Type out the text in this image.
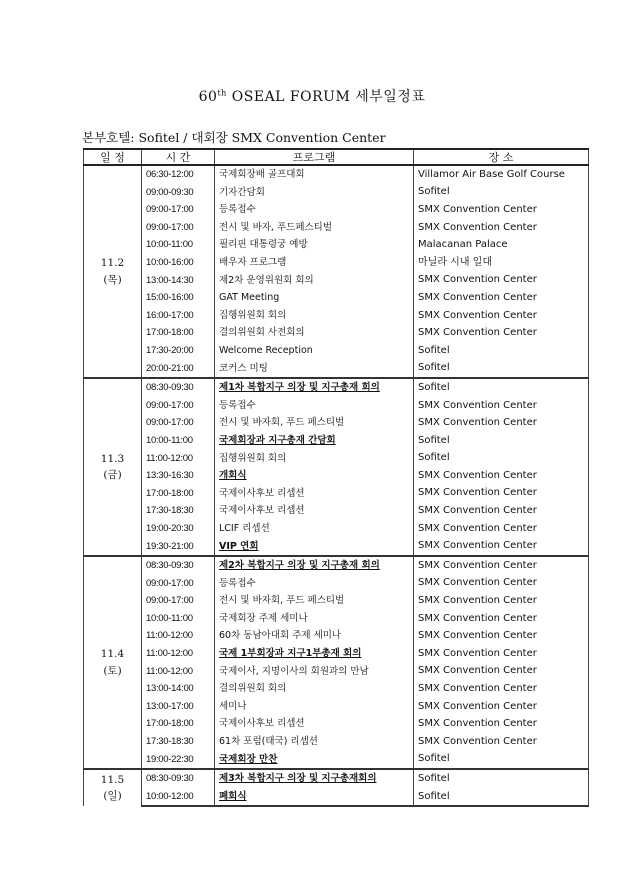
60th OSEAL FORUM 세부일정표
본부호텔: Sofitel / 대회장 SMX Convention Center
일 정	시 간	프로그램	장 소

11.2
(목)	06:30-12:00	국제회장배 골프대회	Villamor Air Base Golf Course
	09:00-09:30	기자간담회	Sofitel
	09:00-17:00	등록접수	SMX Convention Center
	09:00-17:00	전시 및 바자, 푸드페스티벌	SMX Convention Center
	10:00-11:00	필리핀 대통령궁 예방	Malacanan Palace
	10:00-16:00	배우자 프로그램	마닐라 시내 일대
	13:00-14:30	제2차 운영위원회 회의	SMX Convention Center
	15:00-16:00	GAT Meeting	SMX Convention Center
	16:00-17:00	집행위원회 회의	SMX Convention Center
	17:00-18:00	결의위원회 사전회의	SMX Convention Center
	17:30-20:00	Welcome Reception	Sofitel
	20:00-21:00	코커스 미팅	Sofitel

11.3
(금)	08:30-09:30	제1차 복합지구 의장 및 지구총재 회의	Sofitel
	09:00-17:00	등록접수	SMX Convention Center
	09:00-17:00	전시 및 바자회, 푸드 페스티벌	SMX Convention Center
	10:00-11:00	국제회장과 지구총재 간담회	Sofitel
	11:00-12:00	집행위원회 회의	Sofitel
	13:30-16:30	개회식	SMX Convention Center
	17:00-18:00	국제이사후보 리셉션	SMX Convention Center
	17:30-18:30	국제이사후보 리셉션	SMX Convention Center
	19:00-20:30	LCIF 리셉션	SMX Convention Center
	19:30-21:00	VIP 연회	SMX Convention Center

11.4
(토)	08:30-09:30	제2차 복합지구 의장 및 지구총재 회의	SMX Convention Center
	09:00-17:00	등록접수	SMX Convention Center
	09:00-17:00	전시 및 바자회, 푸드 페스티벌	SMX Convention Center
	10:00-11:00	국제회장 주제 세미나	SMX Convention Center
	11:00-12:00	60차 동남아대회 주제 세미나	SMX Convention Center
	11:00-12:00	국제 1부회장과 지구1부총재 회의	SMX Convention Center
	11:00-12:00	국제이사, 지명이사의 회원과의 만남	SMX Convention Center
	13:00-14:00	결의위원회 회의	SMX Convention Center
	13:00-17:00	세미나	SMX Convention Center
	17:00-18:00	국제이사후보 리셉션	SMX Convention Center
	17:30-18:30	61차 포럼(태국) 리셉션	SMX Convention Center
	19:00-22:30	국제회장 만찬	Sofitel

11.5
(일)	08:30-09:30	제3차 복합지구 의장 및 지구총재회의	Sofitel
	10:00-12:00	폐회식	Sofitel
